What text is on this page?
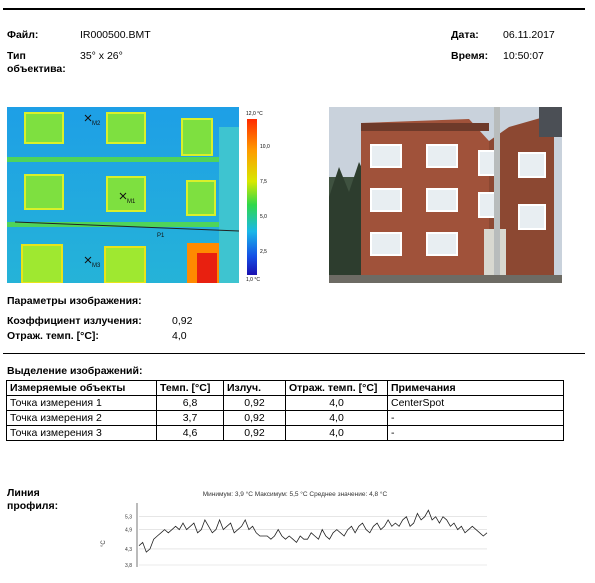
Файл:	IR000500.BMT
Тип
объектива:
35° x 26°
Дата: 06.11.2017
Время: 10:50:07
P1
M2
M1
M3
12,0 °C
10,0
7,5
5,0
2,5
1,0 °C
Параметры изображения:
Коэффициент излучения:	0,92
Отраж. темп. [°C]:	4,0
Выделение изображений:
Измеряемые объекты	Темп. [°C]	Излуч.	Отраж. темп. [°C]	Примечания
Точка измерения 1	6,8	0,92	4,0	CenterSpot
Точка измерения 2	3,7	0,92	4,0	-
Точка измерения 3	4,6	0,92	4,0	-
Линия
профиля:
Минимум: 3,9 °C Максимум: 5,5 °C Среднее значение: 4,8 °C
°C
5,3
4,9
4,3
3,8
